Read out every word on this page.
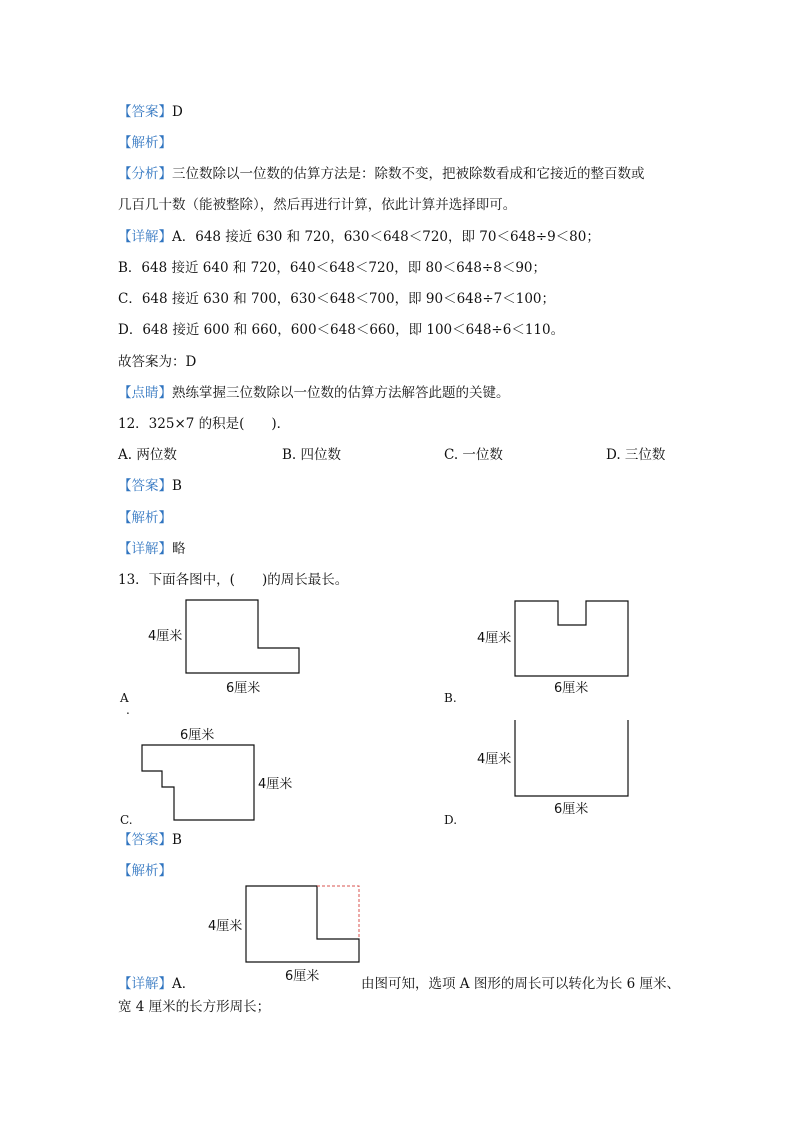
【答案】D
【解析】
【分析】三位数除以一位数的估算方法是：除数不变，把被除数看成和它接近的整百数或
几百几十数（能被整除），然后再进行计算，依此计算并选择即可。
【详解】A．648 接近 630 和 720，630＜648＜720，即 70＜648÷9＜80；
B．648 接近 640 和 720，640＜648＜720，即 80＜648÷8＜90；
C．648 接近 630 和 700，630＜648＜700，即 90＜648÷7＜100；
D．648 接近 600 和 660，600＜648＜660，即 100＜648÷6＜110。
故答案为：D
【点睛】熟练掌握三位数除以一位数的估算方法解答此题的关键。
12．325×7 的积是(　　)．
A. 两位数	B. 四位数	C. 一位数	D. 三位数
【答案】B
【解析】
【详解】略
13．下面各图中，(　　)的周长最长。
4厘米
6厘米
A
.
4厘米
6厘米
B.
6厘米
4厘米
C.
4厘米
6厘米
D.
【答案】B
【解析】
4厘米
6厘米
【详解】A．	由图可知，选项 A 图形的周长可以转化为长 6 厘米、
宽 4 厘米的长方形周长；
